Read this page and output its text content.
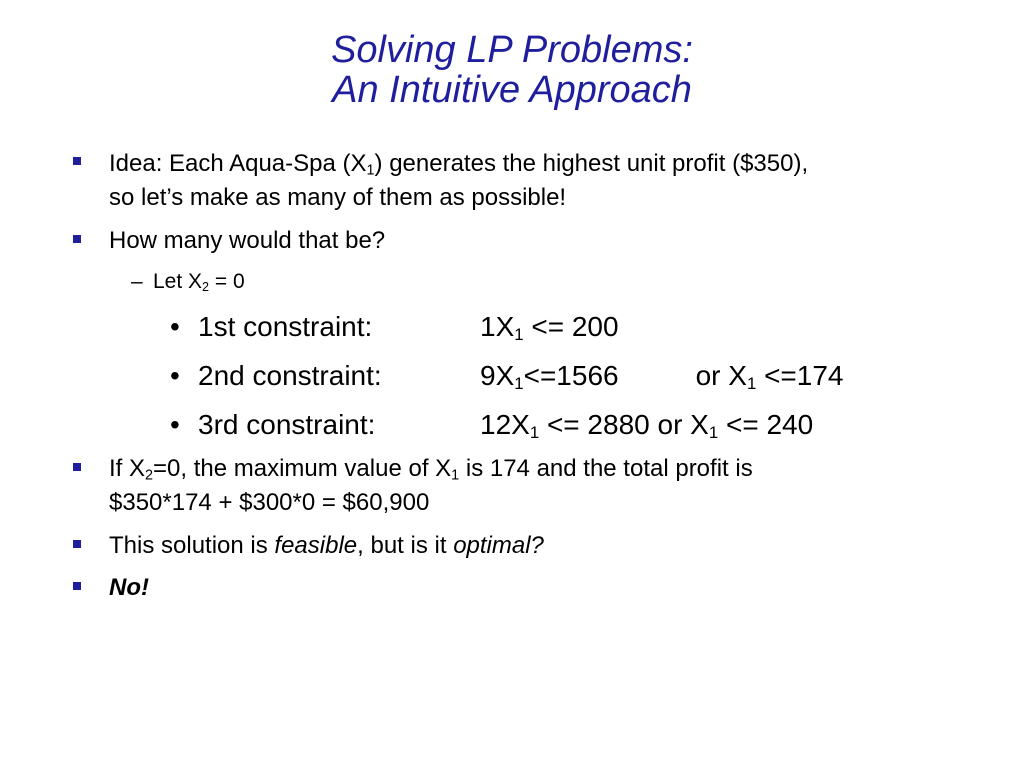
Solving LP Problems:
An Intuitive Approach
Idea: Each Aqua-Spa $(X_1)$ generates the highest unit profit ($350),
so let’s make as many of them as possible!
How many would that be?
– Let $X_2 = 0$
• 1st constraint:	$1X_1 <= 200$
• 2nd constraint:	$9X_1<=1566$	or $X_1 <=174$
• 3rd constraint:	$12X_1 <= 2880$ or $X_1 <= 240$
If $X_2=0$, the maximum value of $X_1$ is 174 and the total profit is
$350*174 + $300*0 = $60,900
This solution is feasible, but is it optimal?
No!
